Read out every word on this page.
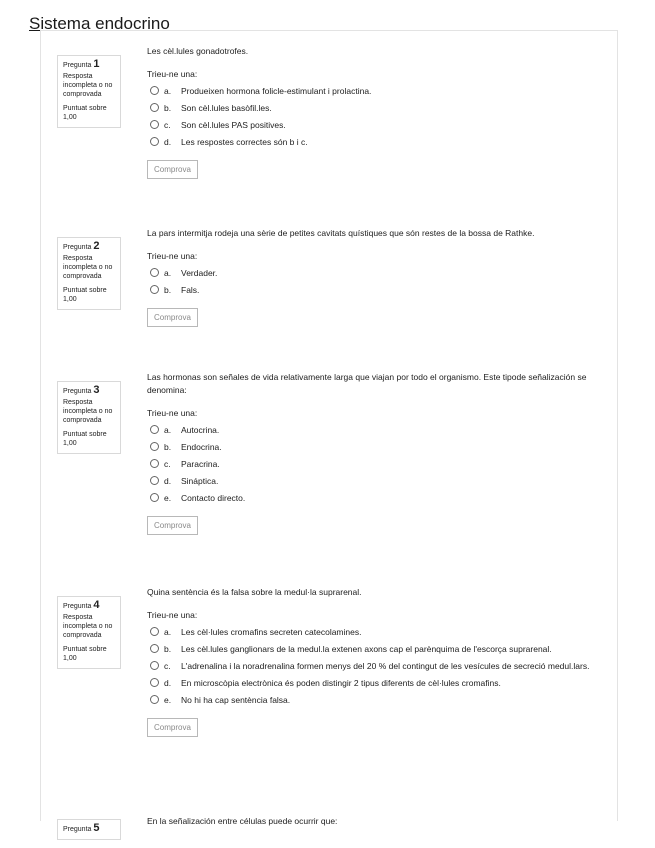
Sistema endocrino
Pregunta 1
Resposta incompleta o no comprovada
Puntuat sobre 1,00

Les cèl.lules gonadotrofes.

Trieu-ne una:
a. Produeixen hormona folicle-estimulant i prolactina.
b. Son cèl.lules basòfil.les.
c. Son cèl.lules PAS positives.
d. Les respostes correctes són b i c.
Comprova
Pregunta 2
Resposta incompleta o no comprovada
Puntuat sobre 1,00

La pars intermitja rodeja una sèrie de petites cavitats quístiques que són restes de la bossa de Rathke.

Trieu-ne una:
a. Verdader.
b. Fals.
Comprova
Pregunta 3
Resposta incompleta o no comprovada
Puntuat sobre 1,00

Las hormonas son señales de vida relativamente larga que viajan por todo el organismo. Este tipode señalización se denomina:

Trieu-ne una:
a. Autocrina.
b. Endocrina.
c. Paracrina.
d. Sináptica.
e. Contacto directo.
Comprova
Pregunta 4
Resposta incompleta o no comprovada
Puntuat sobre 1,00

Quina sentència és la falsa sobre la medul·la suprarenal.

Trieu-ne una:
a. Les cèl·lules cromafins secreten catecolamines.
b. Les cèl.lules ganglionars de la medul.la extenen axons cap el parènquima de l'escorça suprarenal.
c. L'adrenalina i la noradrenalina formen menys del 20 % del contingut de les vesícules de secreció medul.lars.
d. En microscòpia electrònica és poden distingir 2 tipus diferents de cèl·lules cromafins.
e. No hi ha cap sentència falsa.
Comprova
Pregunta 5

En la señalización entre células puede ocurrir que:
